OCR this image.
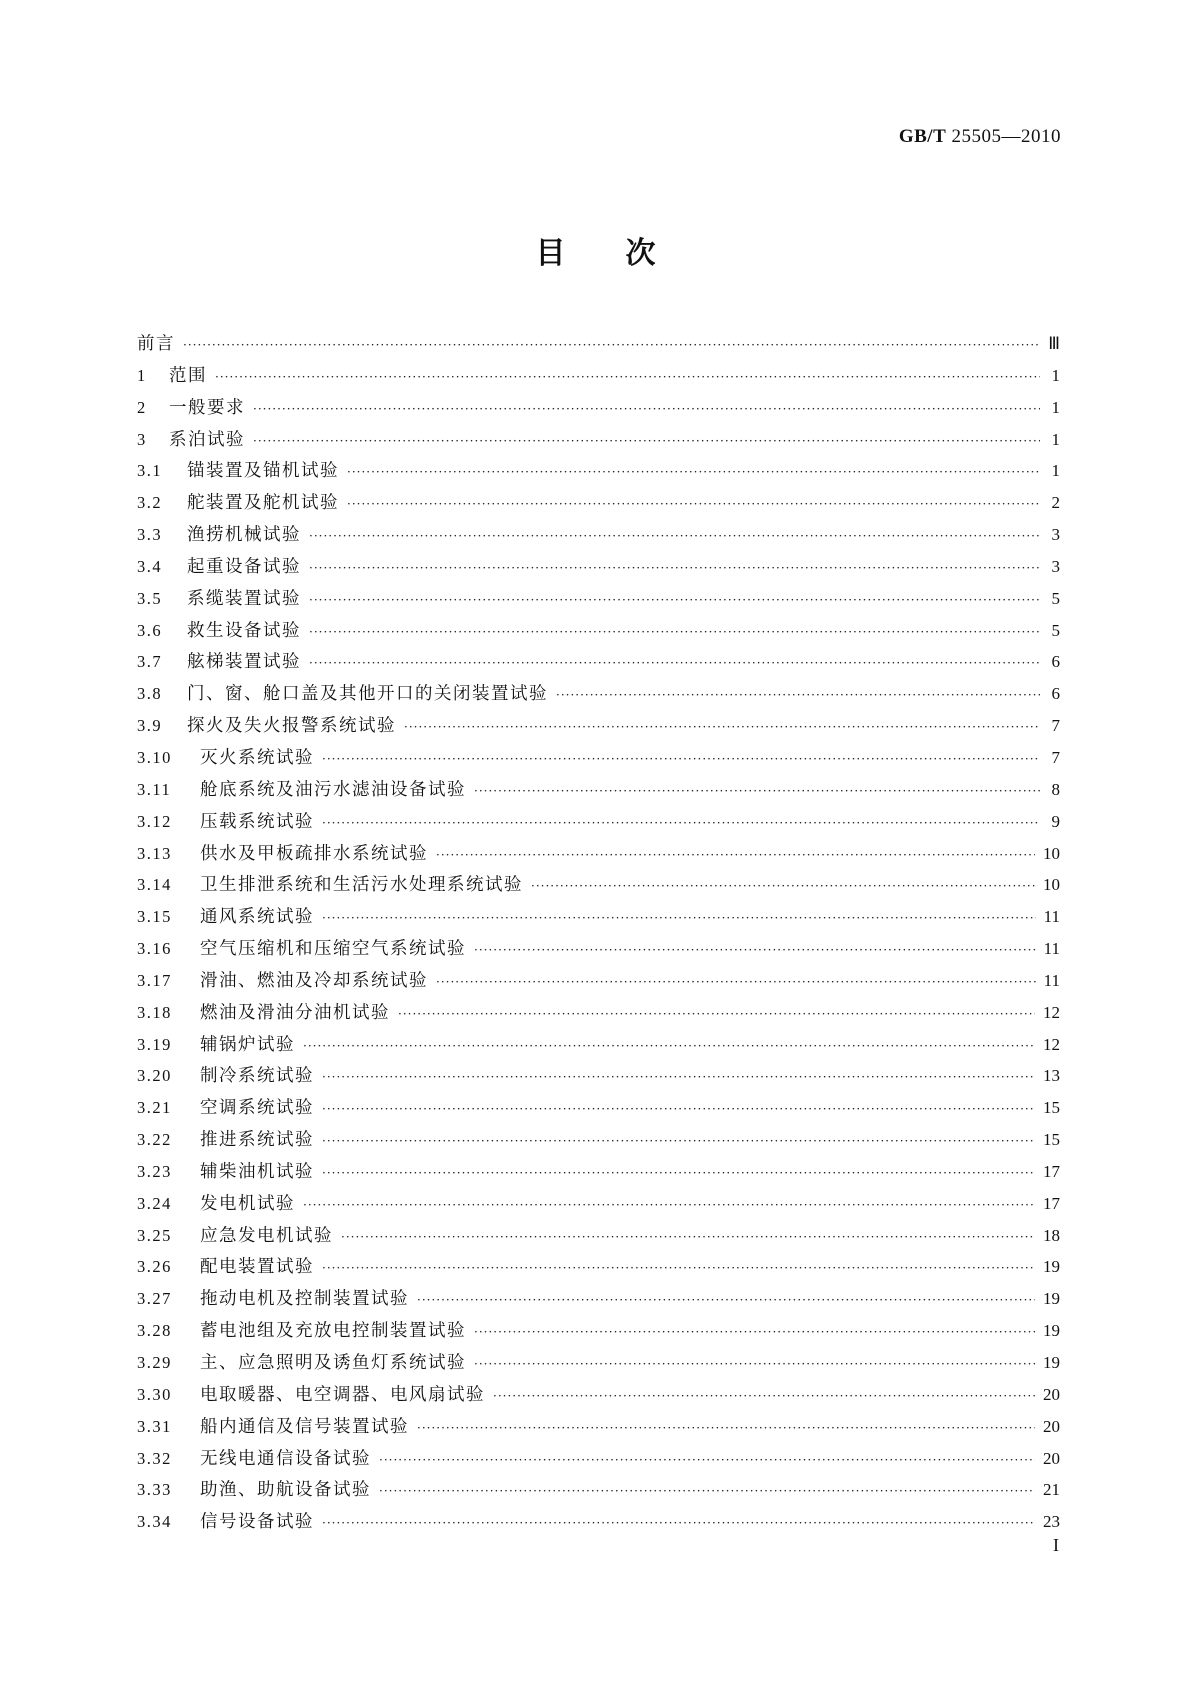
GB/T 25505—2010
目次
前言 ·····	Ⅲ
1	范围 ·····	1
2	一般要求 ·····	1
3	系泊试验 ·····	1
3.1	锚装置及锚机试验 ·····	1
3.2	舵装置及舵机试验 ·····	2
3.3	渔捞机械试验 ·····	3
3.4	起重设备试验 ·····	3
3.5	系缆装置试验 ·····	5
3.6	救生设备试验 ·····	5
3.7	舷梯装置试验 ·····	6
3.8	门、窗、舱口盖及其他开口的关闭装置试验 ·····	6
3.9	探火及失火报警系统试验 ·····	7
3.10	灭火系统试验 ·····	7
3.11	舱底系统及油污水滤油设备试验 ·····	8
3.12	压载系统试验 ·····	9
3.13	供水及甲板疏排水系统试验 ·····	10
3.14	卫生排泄系统和生活污水处理系统试验 ·····	10
3.15	通风系统试验 ·····	11
3.16	空气压缩机和压缩空气系统试验 ·····	11
3.17	滑油、燃油及冷却系统试验 ·····	11
3.18	燃油及滑油分油机试验 ·····	12
3.19	辅锅炉试验 ·····	12
3.20	制冷系统试验 ·····	13
3.21	空调系统试验 ·····	15
3.22	推进系统试验 ·····	15
3.23	辅柴油机试验 ·····	17
3.24	发电机试验 ·····	17
3.25	应急发电机试验 ·····	18
3.26	配电装置试验 ·····	19
3.27	拖动电机及控制装置试验 ·····	19
3.28	蓄电池组及充放电控制装置试验 ·····	19
3.29	主、应急照明及诱鱼灯系统试验 ·····	19
3.30	电取暖器、电空调器、电风扇试验 ·····	20
3.31	船内通信及信号装置试验 ·····	20
3.32	无线电通信设备试验 ·····	20
3.33	助渔、助航设备试验 ·····	21
3.34	信号设备试验 ·····	23
I
